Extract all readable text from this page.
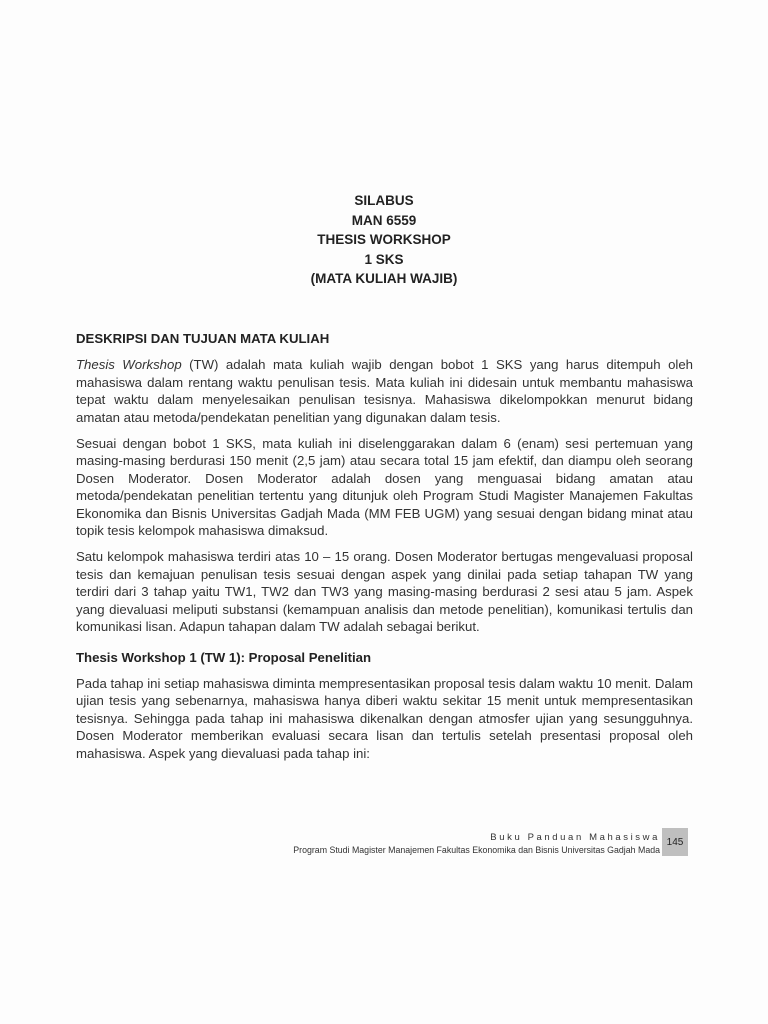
SILABUS
MAN 6559
THESIS WORKSHOP
1 SKS
(MATA KULIAH WAJIB)
DESKRIPSI DAN TUJUAN MATA KULIAH

Thesis Workshop (TW) adalah mata kuliah wajib dengan bobot 1 SKS yang harus ditempuh oleh mahasiswa dalam rentang waktu penulisan tesis. Mata kuliah ini didesain untuk membantu mahasiswa tepat waktu dalam menyelesaikan penulisan tesisnya. Mahasiswa dikelompokkan menurut bidang amatan atau metoda/pendekatan penelitian yang digunakan dalam tesis.

Sesuai dengan bobot 1 SKS, mata kuliah ini diselenggarakan dalam 6 (enam) sesi pertemuan yang masing-masing berdurasi 150 menit (2,5 jam) atau secara total 15 jam efektif, dan diampu oleh seorang Dosen Moderator. Dosen Moderator adalah dosen yang menguasai bidang amatan atau metoda/pendekatan penelitian tertentu yang ditunjuk oleh Program Studi Magister Manajemen Fakultas Ekonomika dan Bisnis Universitas Gadjah Mada (MM FEB UGM) yang sesuai dengan bidang minat atau topik tesis kelompok mahasiswa dimaksud.

Satu kelompok mahasiswa terdiri atas 10 – 15 orang. Dosen Moderator bertugas mengevaluasi proposal tesis dan kemajuan penulisan tesis sesuai dengan aspek yang dinilai pada setiap tahapan TW yang terdiri dari 3 tahap yaitu TW1, TW2 dan TW3 yang masing-masing berdurasi 2 sesi atau 5 jam. Aspek yang dievaluasi meliputi substansi (kemampuan analisis dan metode penelitian), komunikasi tertulis dan komunikasi lisan. Adapun tahapan dalam TW adalah sebagai berikut.

Thesis Workshop 1 (TW 1): Proposal Penelitian

Pada tahap ini setiap mahasiswa diminta mempresentasikan proposal tesis dalam waktu 10 menit. Dalam ujian tesis yang sebenarnya, mahasiswa hanya diberi waktu sekitar 15 menit untuk mempresentasikan tesisnya. Sehingga pada tahap ini mahasiswa dikenalkan dengan atmosfer ujian yang sesungguhnya. Dosen Moderator memberikan evaluasi secara lisan dan tertulis setelah presentasi proposal oleh mahasiswa. Aspek yang dievaluasi pada tahap ini:

Buku Panduan Mahasiswa
Program Studi Magister Manajemen Fakultas Ekonomika dan Bisnis Universitas Gadjah Mada
145
